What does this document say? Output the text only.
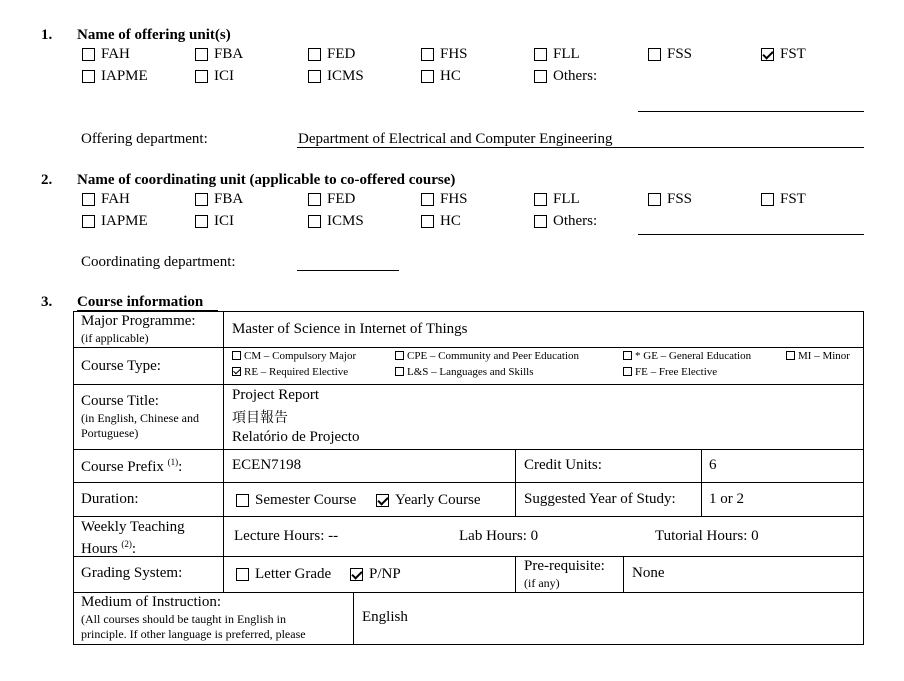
1. Name of offering unit(s)
FAH	FBA	FED	FHS	FLL	FSS	FST
IAPME	ICI	ICMS	HC	Others:
Offering department:	Department of Electrical and Computer Engineering
2. Name of coordinating unit (applicable to co-offered course)
FAH	FBA	FED	FHS	FLL	FSS	FST
IAPME	ICI	ICMS	HC	Others:
Coordinating department:
3. Course information
Major Programme:
(if applicable)
Master of Science in Internet of Things
Course Type:
CM – Compulsory Major	CPE – Community and Peer Education	* GE – General Education	MI – Minor
RE – Required Elective	L&S – Languages and Skills	FE – Free Elective
Course Title:
(in English, Chinese and Portuguese)
Project Report
項目報告
Relatório de Projecto
Course Prefix $^{(1)}$:	ECEN7198	Credit Units:	6
Duration:	Semester Course	Yearly Course	Suggested Year of Study: 1 or 2
Weekly Teaching Hours $^{(2)}$:
Lecture Hours: --	Lab Hours: 0	Tutorial Hours: 0
Grading System:	Letter Grade	P/NP	Pre-requisite:
(if any)
None
Medium of Instruction:
(All courses should be taught in English in
principle. If other language is preferred, please
English
